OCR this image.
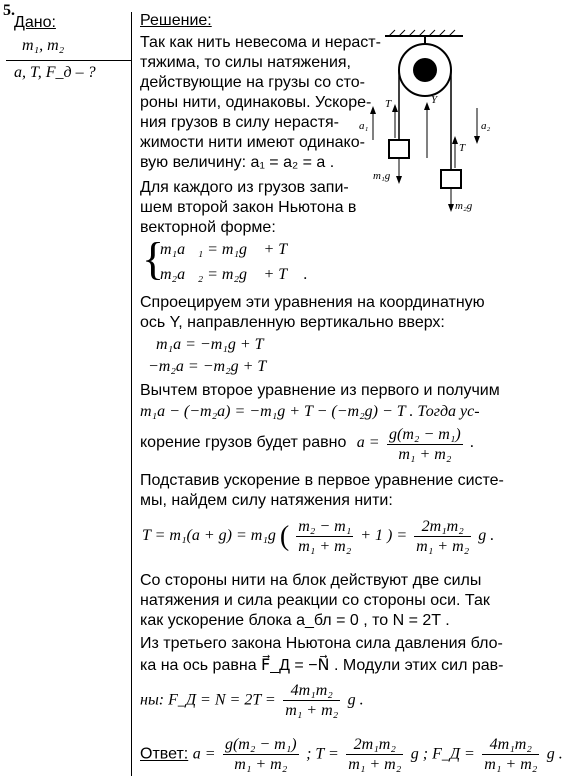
5.
Дано:
m₁, m₂
a, T, F_д – ?
Решение:
Так как нить невесома и нераст-
тяжима, то силы натяжения,
действующие на грузы со сто-
роны нити, одинаковы. Ускоре-
ния грузов в силу нерастя-
жимости нити имеют одинако-
вую величину: a₁ = a₂ = a .
Для каждого из грузов запи-
шем второй закон Ньютона в
векторной форме:
{
m₁a⃗₁ = m₁g⃗ + T⃗
m₂a⃗₂ = m₂g⃗ + T⃗ .
Спроецируем эти уравнения на координатную
ось Y, направленную вертикально вверх:
m₁a = −m₁g + T
−m₂a = −m₂g + T
Вычтем второе уравнение из первого и получим
m₁a − (−m₂a) = −m₁g + T − (−m₂g) − T . Тогда ус-
корение грузов будет равно $a = \frac{\text{g(m₂ − m₁)}}{\text{m₁ + m₂}}$ .
Подставив ускорение в первое уравнение систе-
мы, найдем силу натяжения нити:
T = m₁(a + g) = m₁g ( $\frac{\text{m₂ − m₁}}{\text{m₁ + m₂}} + 1$ ) = $\frac{\text{2m₁m₂}}{\text{m₁ + m₂}}$ g .
Со стороны нити на блок действуют две силы
натяжения и сила реакции со стороны оси. Так
как ускорение блока a_бл = 0 , то N = 2T .
Из третьего закона Ньютона сила давления бло-
ка на ось равна F⃗_Д = −N⃗ . Модули этих сил рав-
ны: F_Д = $N = 2T = \frac{\text{4m₁m₂}}{\text{m₁ + m₂}}$ g .
Ответ: $a = \frac{\text{g(m₂ − m₁)}}{\text{m₁ + m₂}}$ ; $T = \frac{\text{2m₁m₂}}{\text{m₁ + m₂}}$ g ; F_Д = $\frac{\text{4m₁m₂}}{\text{m₁ + m₂}}$ g .
T	Y
a₁	a₂
T
m₁g
m₂g
